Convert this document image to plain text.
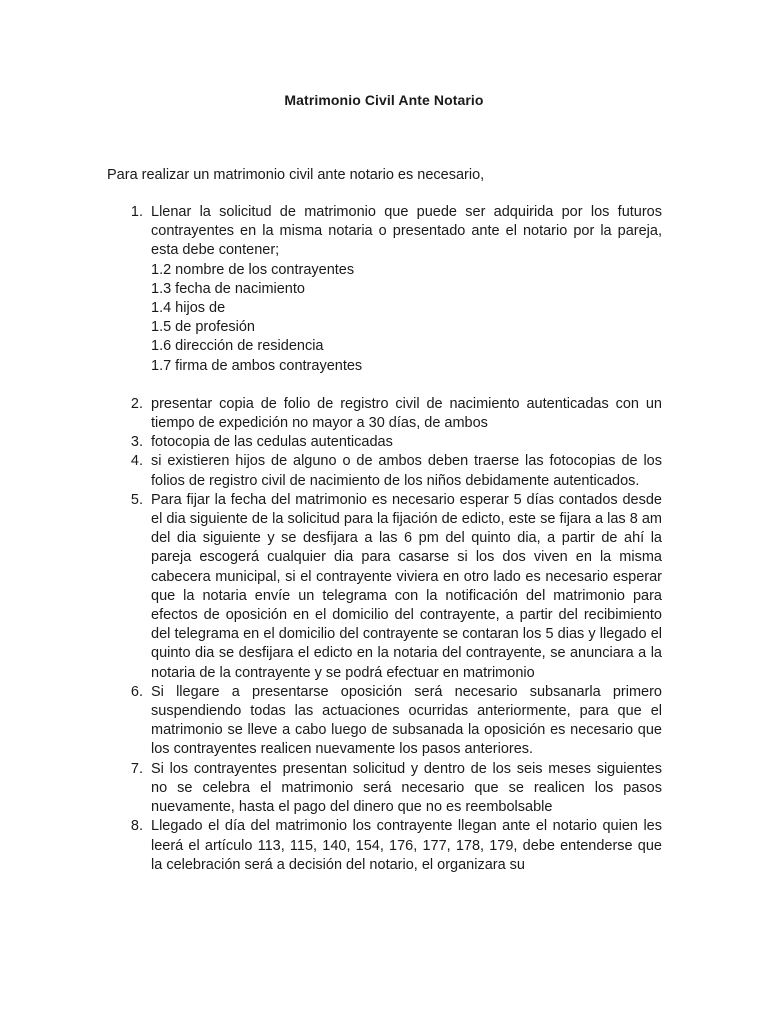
Matrimonio Civil Ante Notario
Para realizar un matrimonio civil ante notario es necesario,
1. Llenar la solicitud de matrimonio que puede ser adquirida por los futuros contrayentes en la misma notaria o presentado ante el notario por la pareja, esta debe contener;
1.2 nombre de los contrayentes
1.3 fecha de nacimiento
1.4 hijos de
1.5 de profesión
1.6 dirección de residencia
1.7 firma de ambos contrayentes
2. presentar copia de folio de registro civil de nacimiento autenticadas con un tiempo de expedición no mayor a 30 días, de ambos
3. fotocopia de las cedulas autenticadas
4. si existieren hijos de alguno o de ambos deben traerse las fotocopias de los folios de registro civil de nacimiento de los niños debidamente autenticados.
5. Para fijar la fecha del matrimonio es necesario esperar 5 días contados desde el dia siguiente de la solicitud para la fijación de edicto, este se fijara a las 8 am del dia siguiente y se desfijara a las 6 pm del quinto dia, a partir de ahí la pareja escogerá cualquier dia para casarse si los dos viven en la misma cabecera municipal, si el contrayente viviera en otro lado es necesario esperar que la notaria envíe un telegrama con la notificación del matrimonio para efectos de oposición en el domicilio del contrayente, a partir del recibimiento del telegrama en el domicilio del contrayente se contaran los 5 dias y llegado el quinto dia se desfijara el edicto en la notaria del contrayente, se anunciara a la notaria de la contrayente y se podrá efectuar en matrimonio
6. Si llegare a presentarse oposición será necesario subsanarla primero suspendiendo todas las actuaciones ocurridas anteriormente, para que el matrimonio se lleve a cabo luego de subsanada la oposición es necesario que los contrayentes realicen nuevamente los pasos anteriores.
7. Si los contrayentes presentan solicitud y dentro de los seis meses siguientes no se celebra el matrimonio será necesario que se realicen los pasos nuevamente, hasta el pago del dinero que no es reembolsable
8. Llegado el día del matrimonio los contrayente llegan ante el notario quien les leerá el artículo 113, 115, 140, 154, 176, 177, 178, 179, debe entenderse que la celebración será a decisión del notario, el organizara su
